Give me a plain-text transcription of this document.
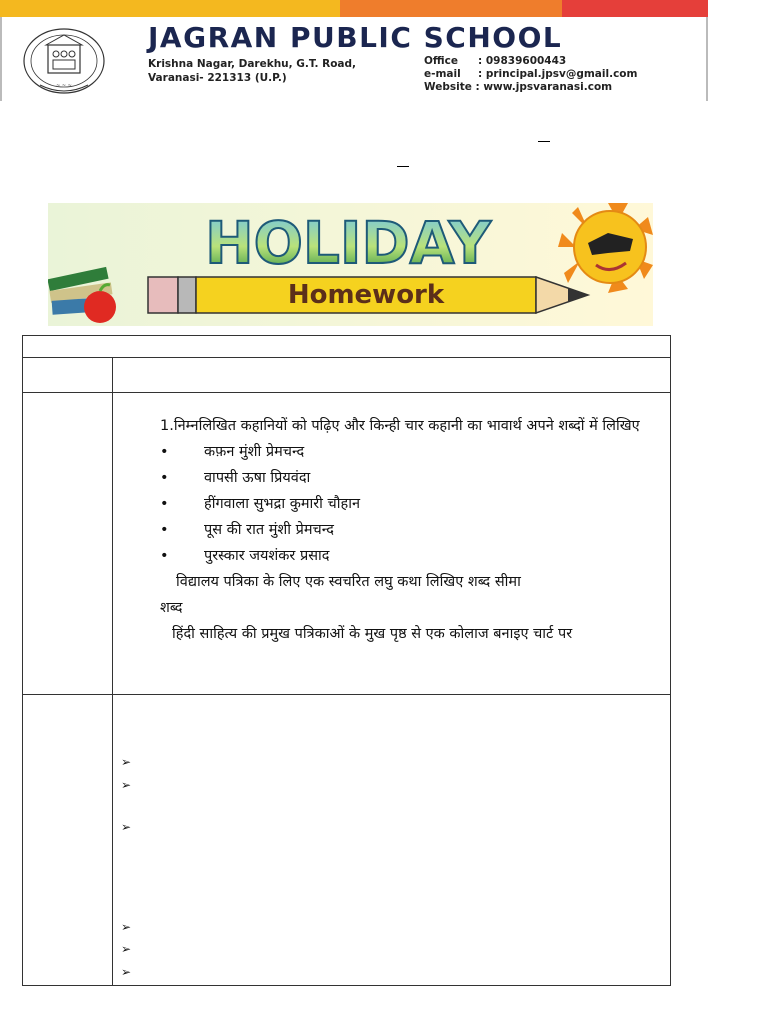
~ ~ ~
JAGRAN PUBLIC SCHOOL
Krishna Nagar, Darekhu, G.T. Road,
Varanasi- 221313 (U.P.)
Office : 09839600443
e-mail : principal.jpsv@gmail.com
Website : www.jpsvaranasi.com
HOLIDAY
Homework

1.निम्नलिखित कहानियों को पढ़िए और किन्ही चार कहानी का भावार्थ अपने शब्दों में लिखिए

• कफ़न मुंशी प्रेमचन्द
• वापसी ऊषा प्रियवंदा
• हींगवाला सुभद्रा कुमारी चौहान
• पूस की रात मुंशी प्रेमचन्द
• पुरस्कार जयशंकर प्रसाद

विद्यालय पत्रिका के लिए एक स्वचरित लघु कथा लिखिए शब्द सीमा

शब्द

हिंदी साहित्य की प्रमुख पत्रिकाओं के मुख पृष्ठ से एक कोलाज बनाइए चार्ट पर

➢
➢
➢
➢
➢
➢
